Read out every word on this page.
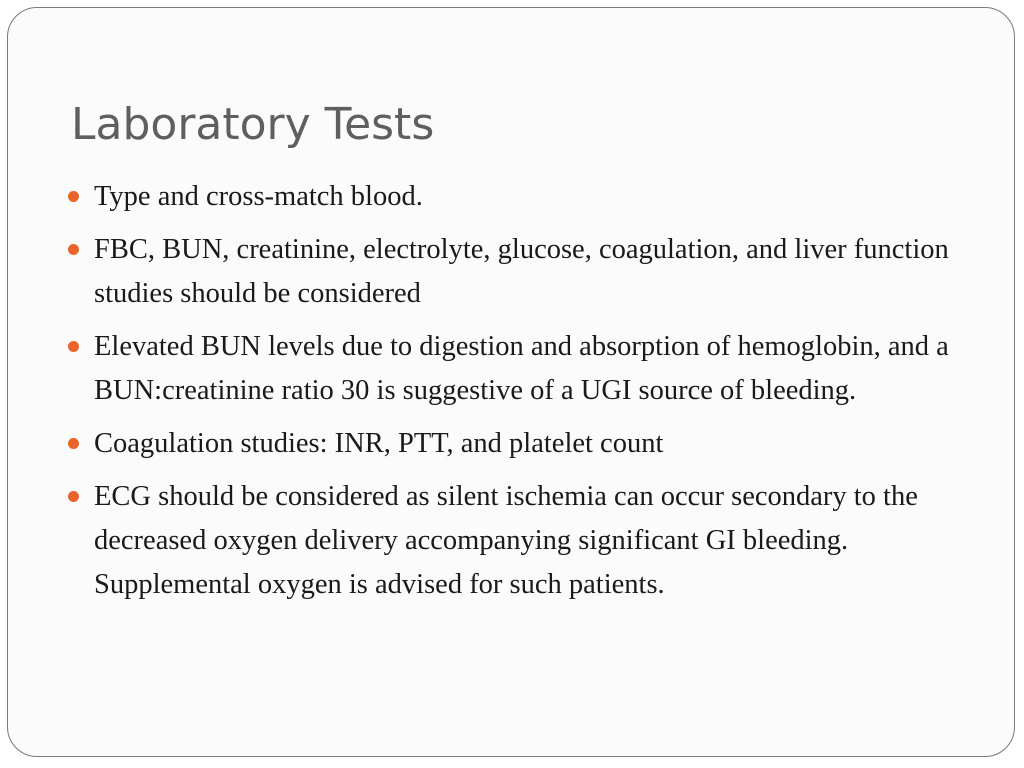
Laboratory Tests
Type and cross-match blood.
FBC, BUN, creatinine, electrolyte, glucose, coagulation, and liver function studies should be considered
Elevated BUN levels due to digestion and absorption of hemoglobin, and a BUN:creatinine ratio 30 is suggestive of a UGI source of bleeding.
Coagulation studies: INR, PTT, and platelet count
ECG should be considered as silent ischemia can occur secondary to the decreased oxygen delivery accompanying significant GI bleeding. Supplemental oxygen is advised for such patients.
